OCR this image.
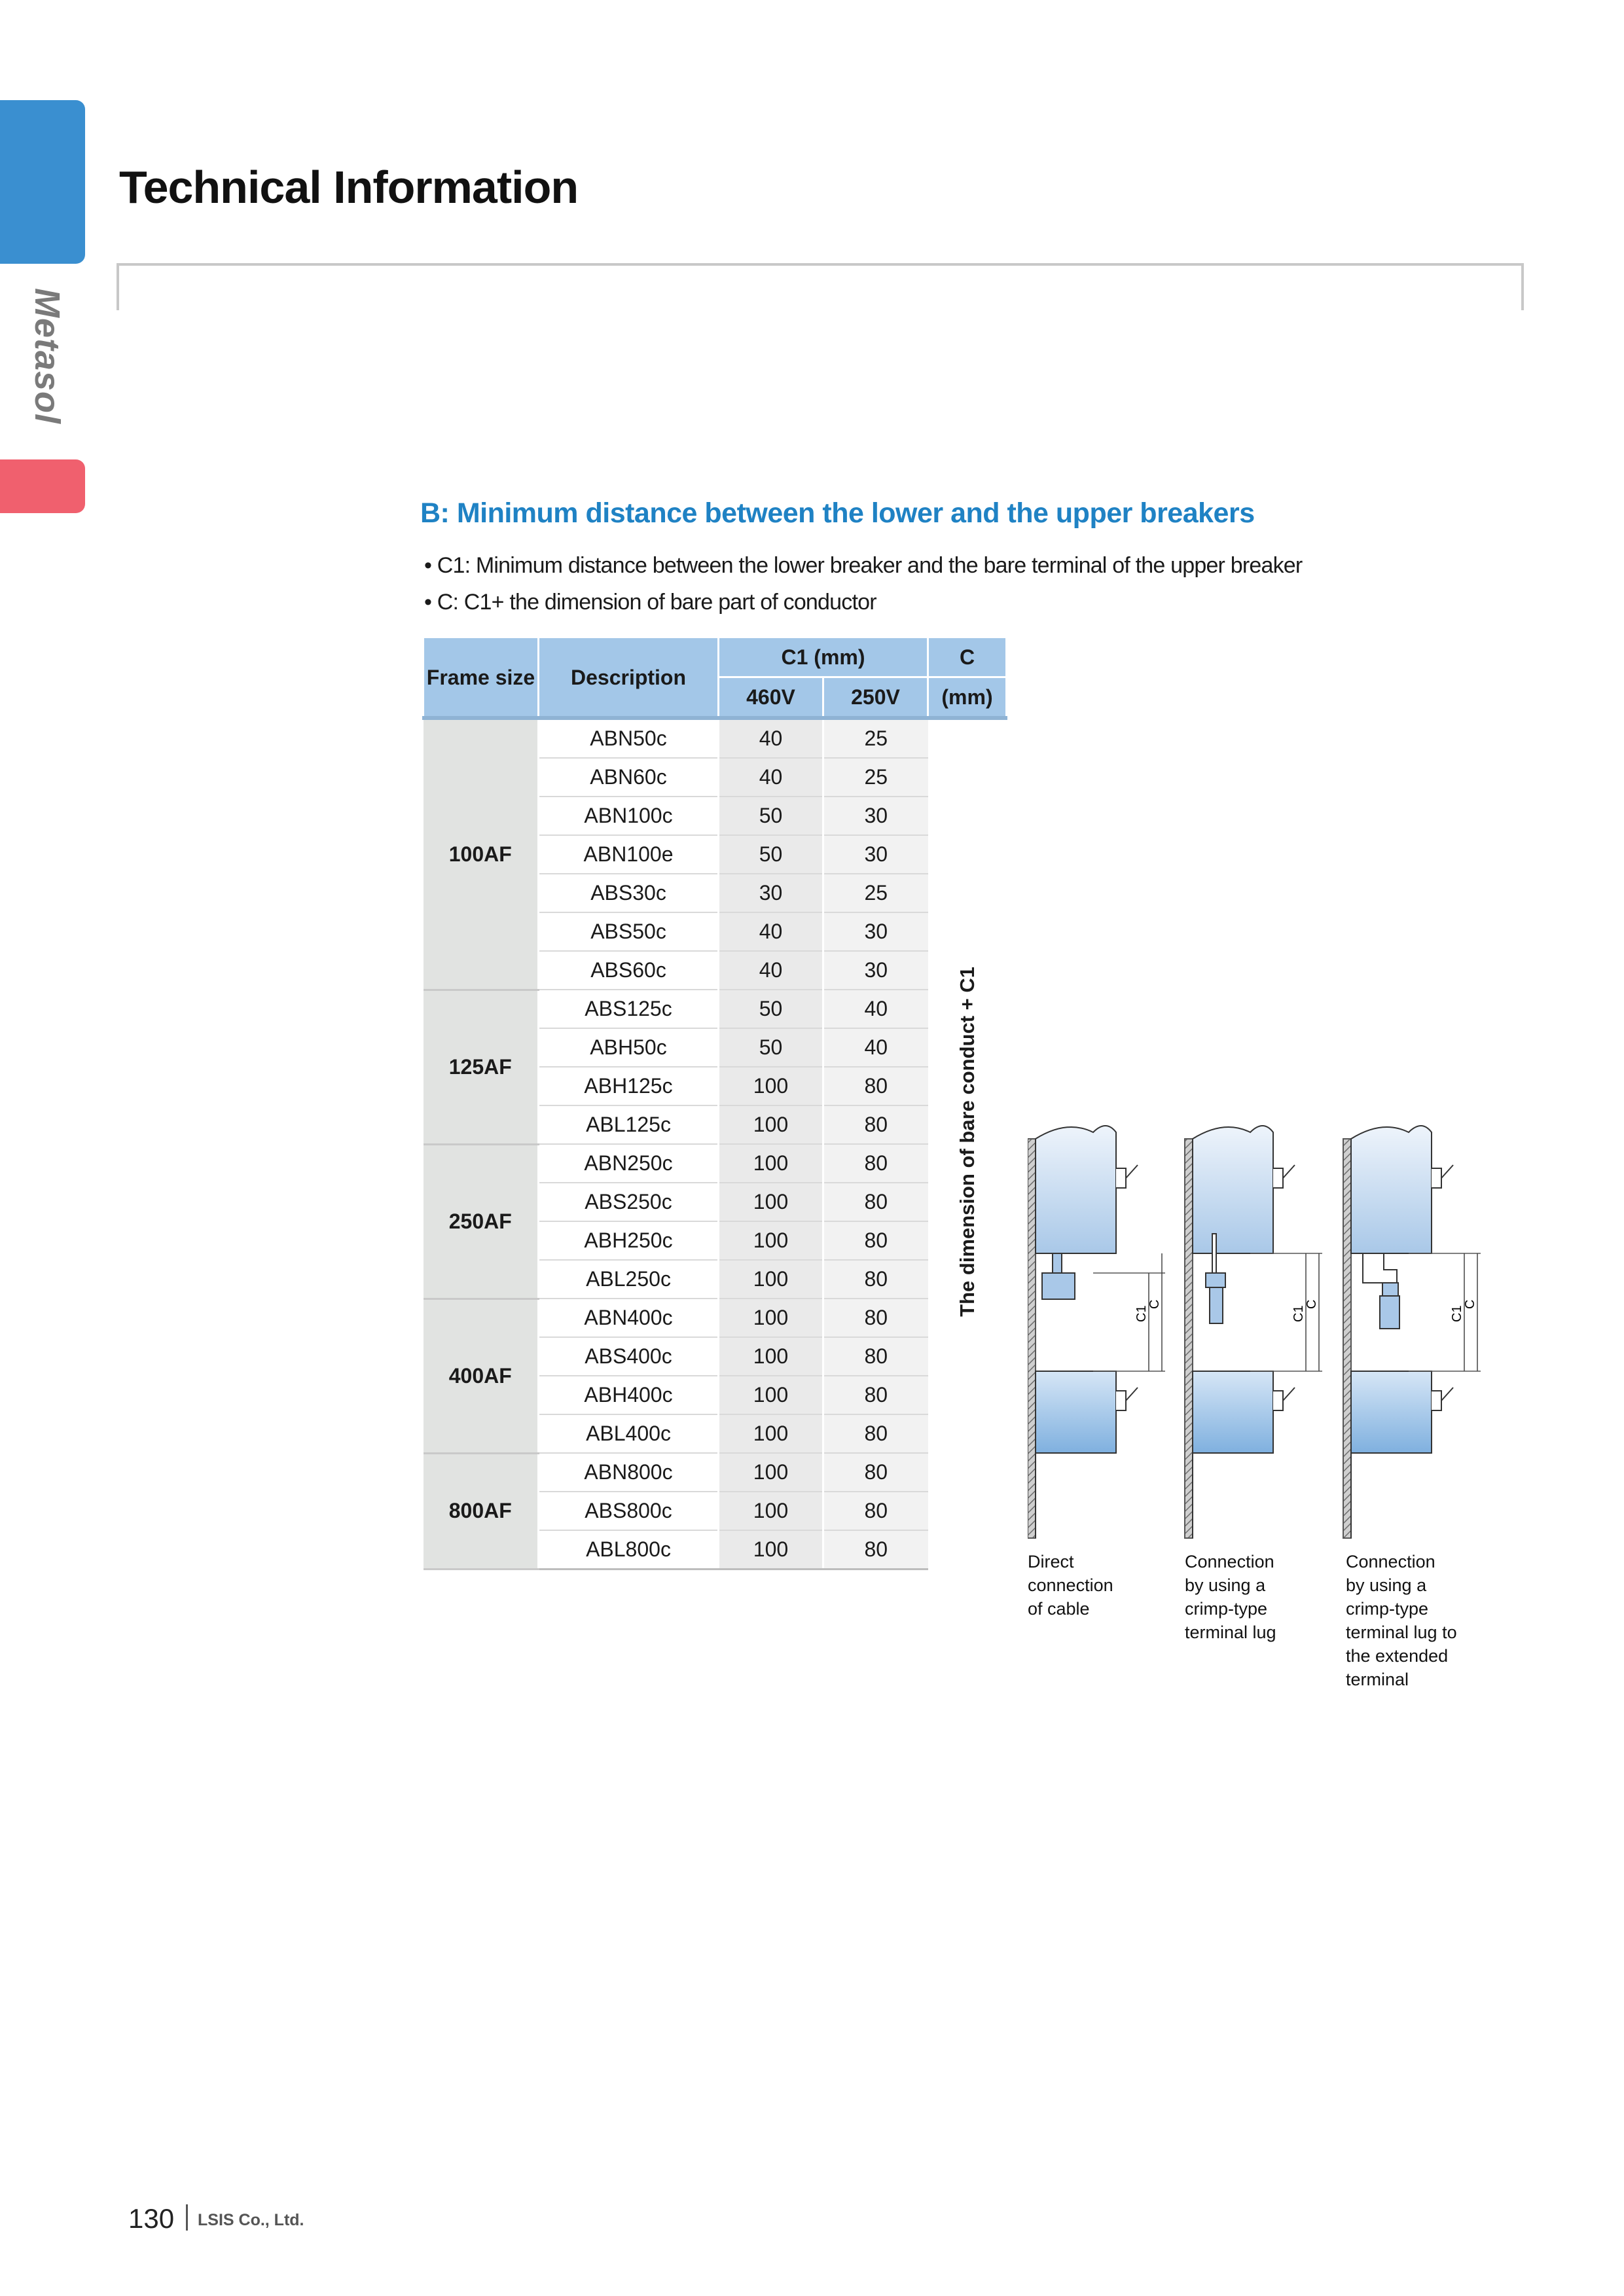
Metasol
Technical Information
B: Minimum distance between the lower and the upper breakers
• C1: Minimum distance between the lower breaker and the bare terminal of the upper breaker
• C: C1+ the dimension of bare part of conductor
Frame size	Description	C1 (mm)		C
		460V	250V	(mm)
100AF	ABN50c	40	25	The dimension of bare conduct + C1
	ABN60c	40	25	
	ABN100c	50	30	
	ABN100e	50	30	
	ABS30c	30	25	
	ABS50c	40	30	
	ABS60c	40	30	
125AF	ABS125c	50	40	
	ABH50c	50	40	
	ABH125c	100	80	
	ABL125c	100	80	
250AF	ABN250c	100	80	
	ABS250c	100	80	
	ABH250c	100	80	
	ABL250c	100	80	
400AF	ABN400c	100	80	
	ABS400c	100	80	
	ABH400c	100	80	
	ABL400c	100	80	
800AF	ABN800c	100	80	
	ABS800c	100	80	
	ABL800c	100	80	
C1
C
C1
C
C1
C
Direct
connection
of cable
Connection
by using a
crimp-type
terminal lug
Connection
by using a
crimp-type
terminal lug to
the extended
terminal
130 LSIS Co., Ltd.
